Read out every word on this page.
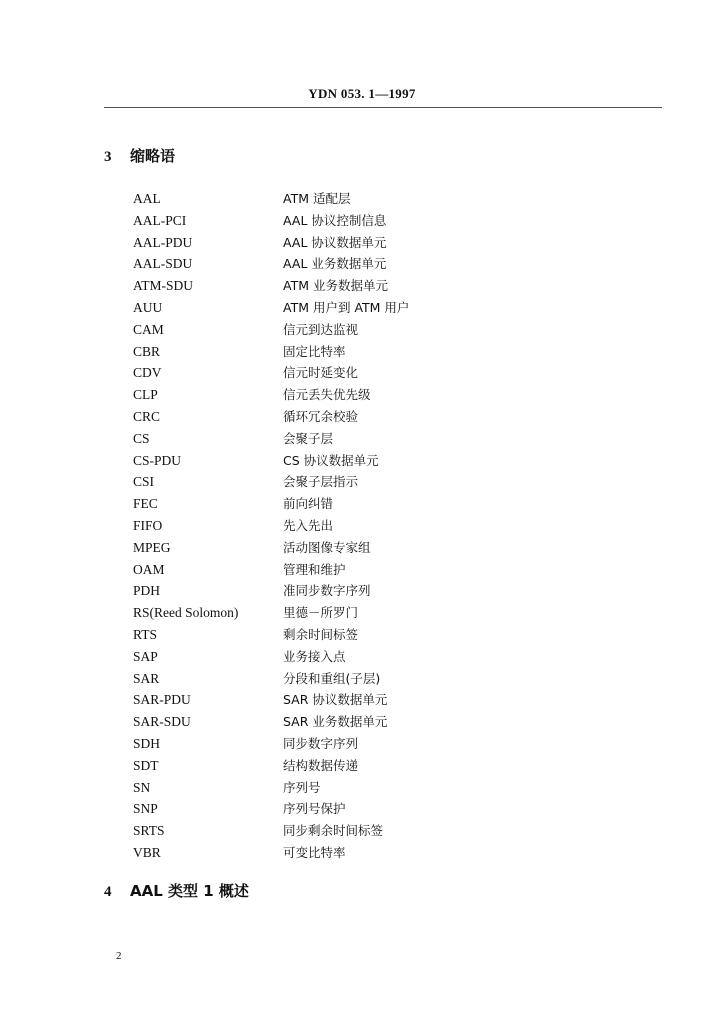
YDN 053. 1—1997
3 缩略语
AAL	ATM 适配层
AAL-PCI	AAL 协议控制信息
AAL-PDU	AAL 协议数据单元
AAL-SDU	AAL 业务数据单元
ATM-SDU	ATM 业务数据单元
AUU	ATM 用户到 ATM 用户
CAM	信元到达监视
CBR	固定比特率
CDV	信元时延变化
CLP	信元丢失优先级
CRC	循环冗余校验
CS	会聚子层
CS-PDU	CS 协议数据单元
CSI	会聚子层指示
FEC	前向纠错
FIFO	先入先出
MPEG	活动图像专家组
OAM	管理和维护
PDH	准同步数字序列
RS(Reed Solomon)	里德－所罗门
RTS	剩余时间标签
SAP	业务接入点
SAR	分段和重组(子层)
SAR-PDU	SAR 协议数据单元
SAR-SDU	SAR 业务数据单元
SDH	同步数字序列
SDT	结构数据传递
SN	序列号
SNP	序列号保护
SRTS	同步剩余时间标签
VBR	可变比特率
4 AAL 类型 1 概述
2
